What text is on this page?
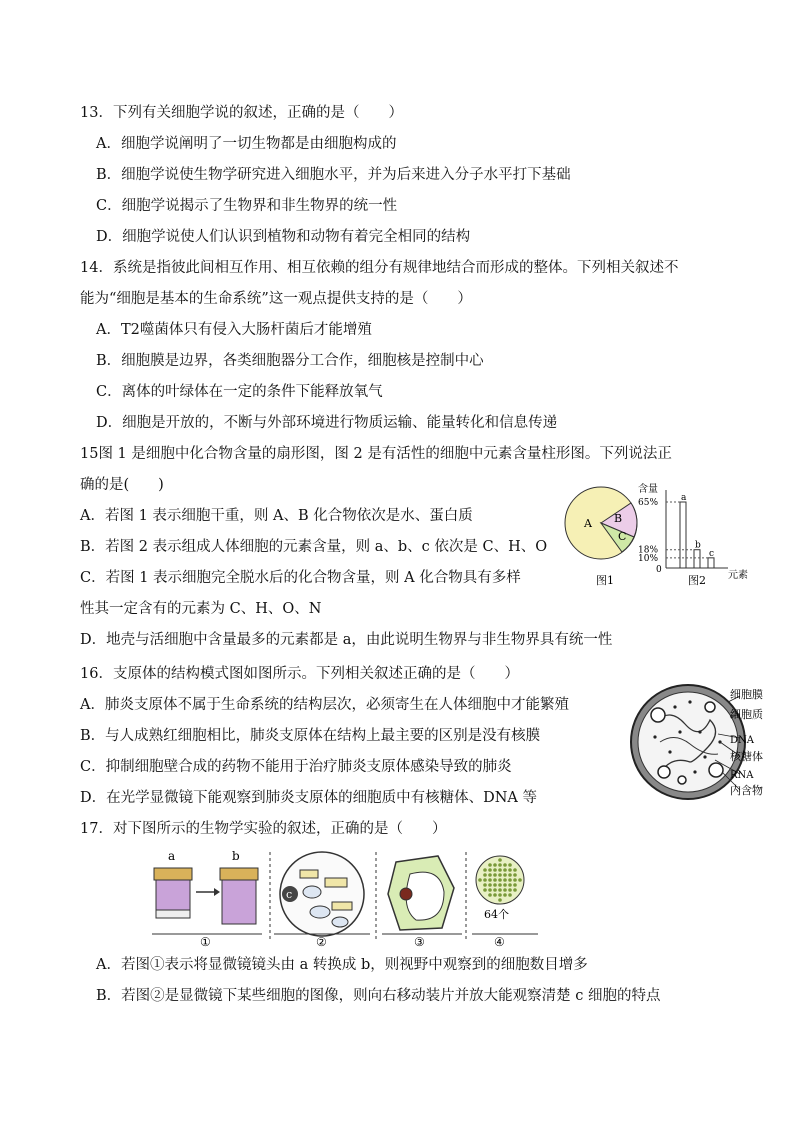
13．下列有关细胞学说的叙述，正确的是（　　）
A．细胞学说阐明了一切生物都是由细胞构成的
B．细胞学说使生物学研究进入细胞水平，并为后来进入分子水平打下基础
C．细胞学说揭示了生物界和非生物界的统一性
D．细胞学说使人们认识到植物和动物有着完全相同的结构
14．系统是指彼此间相互作用、相互依赖的组分有规律地结合而形成的整体。下列相关叙述不
能为“细胞是基本的生命系统”这一观点提供支持的是（　　）
A．T2噬菌体只有侵入大肠杆菌后才能增殖
B．细胞膜是边界，各类细胞器分工合作，细胞核是控制中心
C．离体的叶绿体在一定的条件下能释放氧气
D．细胞是开放的，不断与外部环境进行物质运输、能量转化和信息传递
15图 1 是细胞中化合物含量的扇形图，图 2 是有活性的细胞中元素含量柱形图。下列说法正
确的是(　　)
A．若图 1 表示细胞干重，则 A、B 化合物依次是水、蛋白质
B．若图 2 表示组成人体细胞的元素含量，则 a、b、c 依次是 C、H、O
C．若图 1 表示细胞完全脱水后的化合物含量，则 A 化合物具有多样
性其一定含有的元素为 C、H、O、N
D．地壳与活细胞中含量最多的元素都是 a，由此说明生物界与非生物界具有统一性
A B
C
图1
含量
0	元素
图2
a
65%
b
18%	c
10%
16．支原体的结构模式图如图所示。下列相关叙述正确的是（　　）
A．肺炎支原体不属于生命系统的结构层次，必须寄生在人体细胞中才能繁殖
B．与人成熟红细胞相比，肺炎支原体在结构上最主要的区别是没有核膜
C．抑制细胞壁合成的药物不能用于治疗肺炎支原体感染导致的肺炎
D．在光学显微镜下能观察到肺炎支原体的细胞质中有核糖体、DNA 等
细胞膜
细胞质
DNA
核糖体
RNA
内含物
17．对下图所示的生物学实验的叙述，正确的是（　　）
a	b
①
c
②	③
64个
④
A．若图①表示将显微镜镜头由 a 转换成 b，则视野中观察到的细胞数目增多
B．若图②是显微镜下某些细胞的图像，则向右移动装片并放大能观察清楚 c 细胞的特点
